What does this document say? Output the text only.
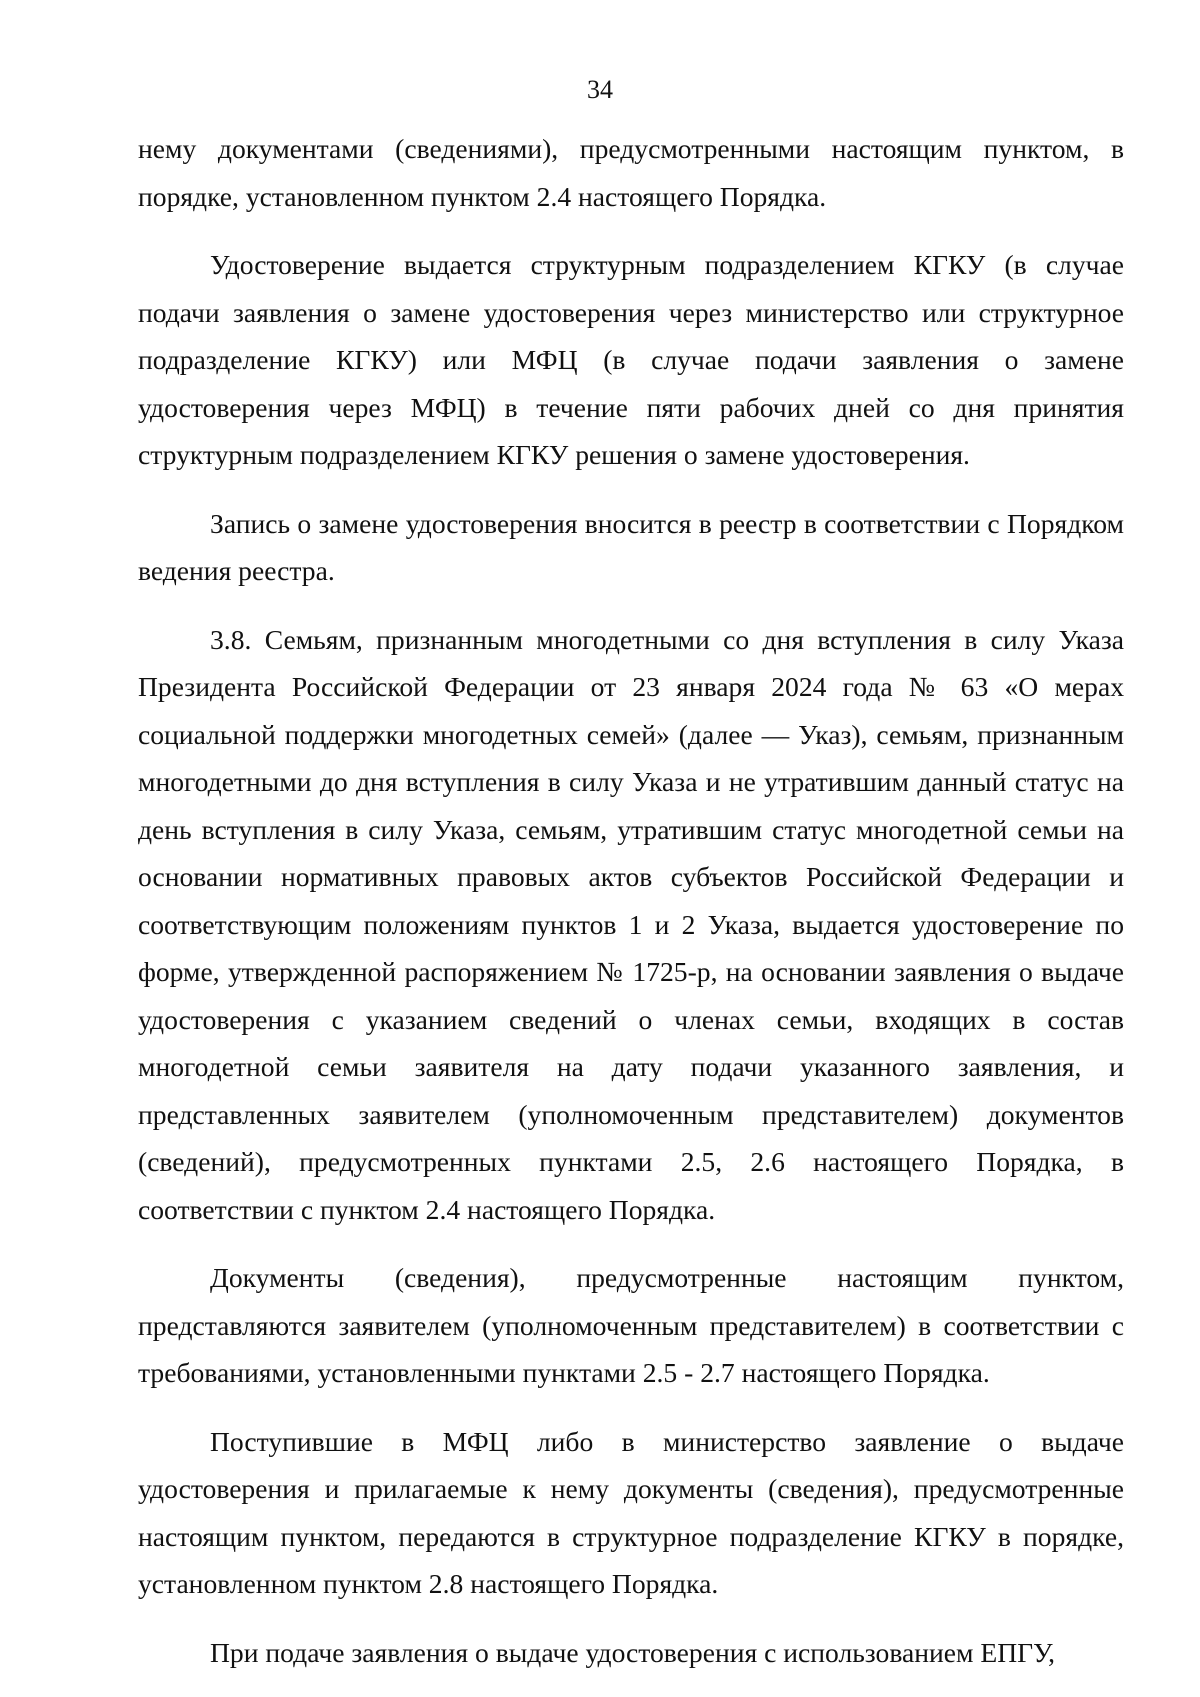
34

нему документами (сведениями), предусмотренными настоящим пунктом, в порядке, установленном пунктом 2.4 настоящего Порядка.

Удостоверение выдается структурным подразделением КГКУ (в случае подачи заявления о замене удостоверения через министерство или структурное подразделение КГКУ) или МФЦ (в случае подачи заявления о замене удостоверения через МФЦ) в течение пяти рабочих дней со дня принятия структурным подразделением КГКУ решения о замене удостоверения.

Запись о замене удостоверения вносится в реестр в соответствии с Порядком ведения реестра.

3.8. Семьям, признанным многодетными со дня вступления в силу Указа Президента Российской Федерации от 23 января 2024 года № 63 «О мерах социальной поддержки многодетных семей» (далее — Указ), семьям, признанным многодетными до дня вступления в силу Указа и не утратившим данный статус на день вступления в силу Указа, семьям, утратившим статус многодетной семьи на основании нормативных правовых актов субъектов Российской Федерации и соответствующим положениям пунктов 1 и 2 Указа, выдается удостоверение по форме, утвержденной распоряжением № 1725-р, на основании заявления о выдаче удостоверения с указанием сведений о членах семьи, входящих в состав многодетной семьи заявителя на дату подачи указанного заявления, и представленных заявителем (уполномоченным представителем) документов (сведений), предусмотренных пунктами 2.5, 2.6 настоящего Порядка, в соответствии с пунктом 2.4 настоящего Порядка.

Документы (сведения), предусмотренные настоящим пунктом, представляются заявителем (уполномоченным представителем) в соответствии с требованиями, установленными пунктами 2.5 - 2.7 настоящего Порядка.

Поступившие в МФЦ либо в министерство заявление о выдаче удостоверения и прилагаемые к нему документы (сведения), предусмотренные настоящим пунктом, передаются в структурное подразделение КГКУ в порядке, установленном пунктом 2.8 настоящего Порядка.

При подаче заявления о выдаче удостоверения с использованием ЕПГУ,
